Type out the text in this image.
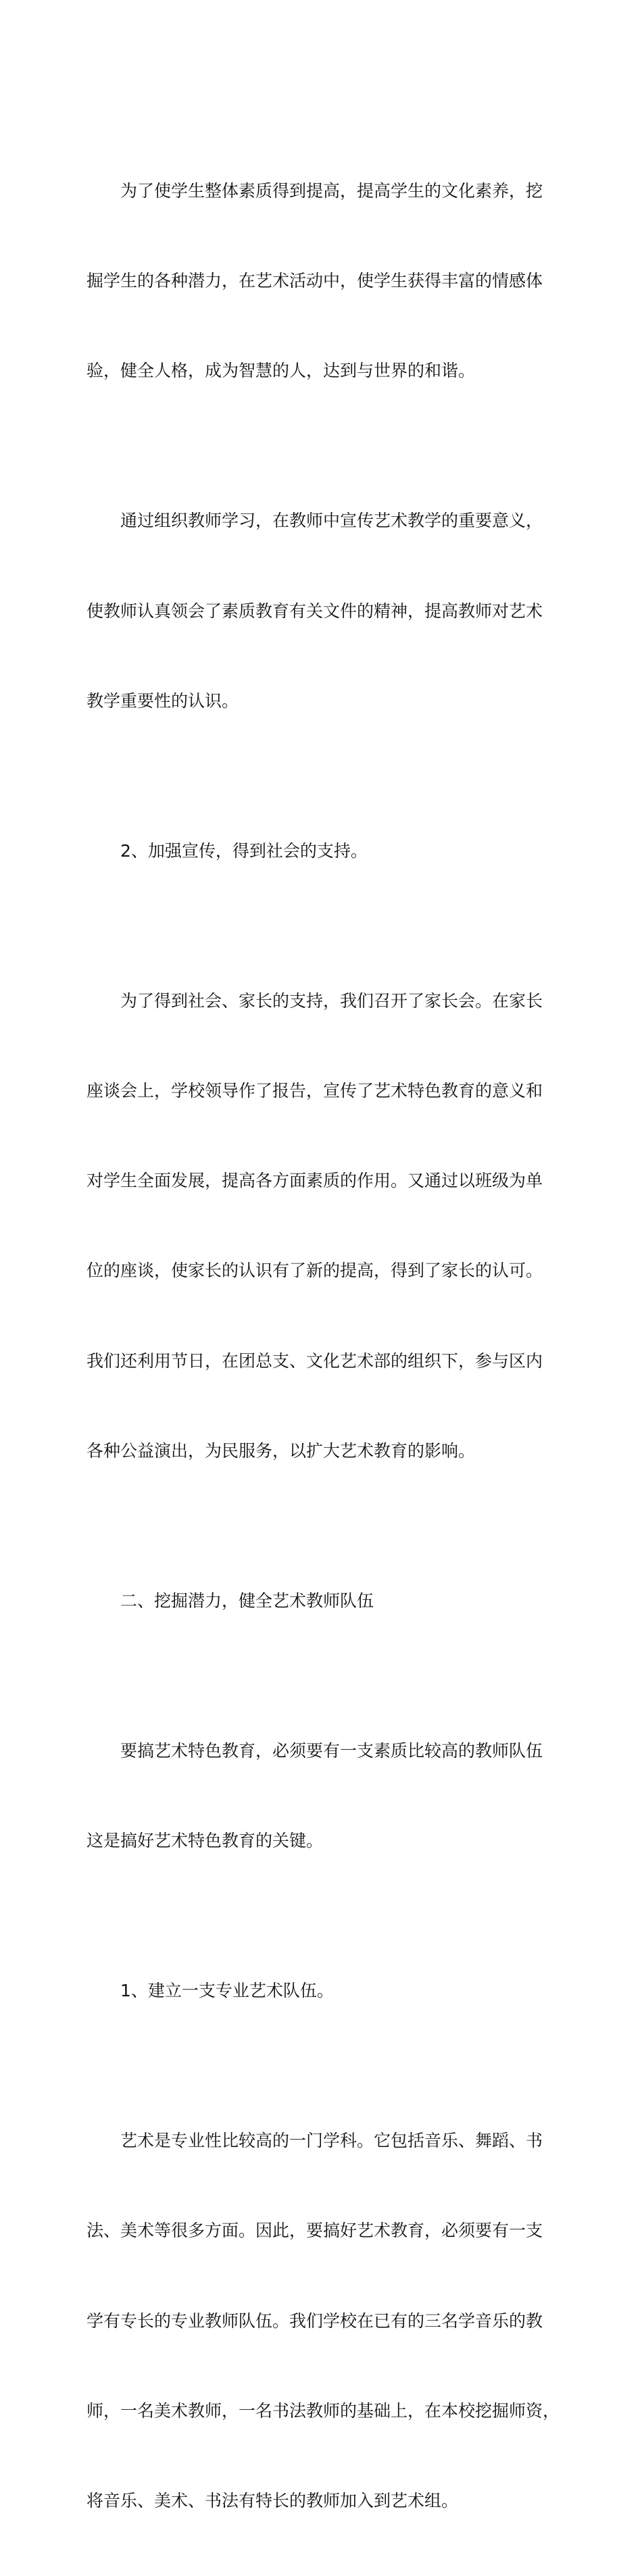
　　为了使学生整体素质得到提高，提高学生的文化素养，挖

掘学生的各种潜力，在艺术活动中，使学生获得丰富的情感体

验，健全人格，成为智慧的人，达到与世界的和谐。

　　通过组织教师学习，在教师中宣传艺术教学的重要意义，

使教师认真领会了素质教育有关文件的精神，提高教师对艺术

教学重要性的认识。

　　2、加强宣传，得到社会的支持。

　　为了得到社会、家长的支持，我们召开了家长会。在家长

座谈会上，学校领导作了报告，宣传了艺术特色教育的意义和

对学生全面发展，提高各方面素质的作用。又通过以班级为单

位的座谈，使家长的认识有了新的提高，得到了家长的认可。

我们还利用节日，在团总支、文化艺术部的组织下，参与区内

各种公益演出，为民服务，以扩大艺术教育的影响。

　　二、挖掘潜力，健全艺术教师队伍

　　要搞艺术特色教育，必须要有一支素质比较高的教师队伍

这是搞好艺术特色教育的关键。

　　1、建立一支专业艺术队伍。

　　艺术是专业性比较高的一门学科。它包括音乐、舞蹈、书

法、美术等很多方面。因此，要搞好艺术教育，必须要有一支

学有专长的专业教师队伍。我们学校在已有的三名学音乐的教

师，一名美术教师，一名书法教师的基础上，在本校挖掘师资，

将音乐、美术、书法有特长的教师加入到艺术组。
